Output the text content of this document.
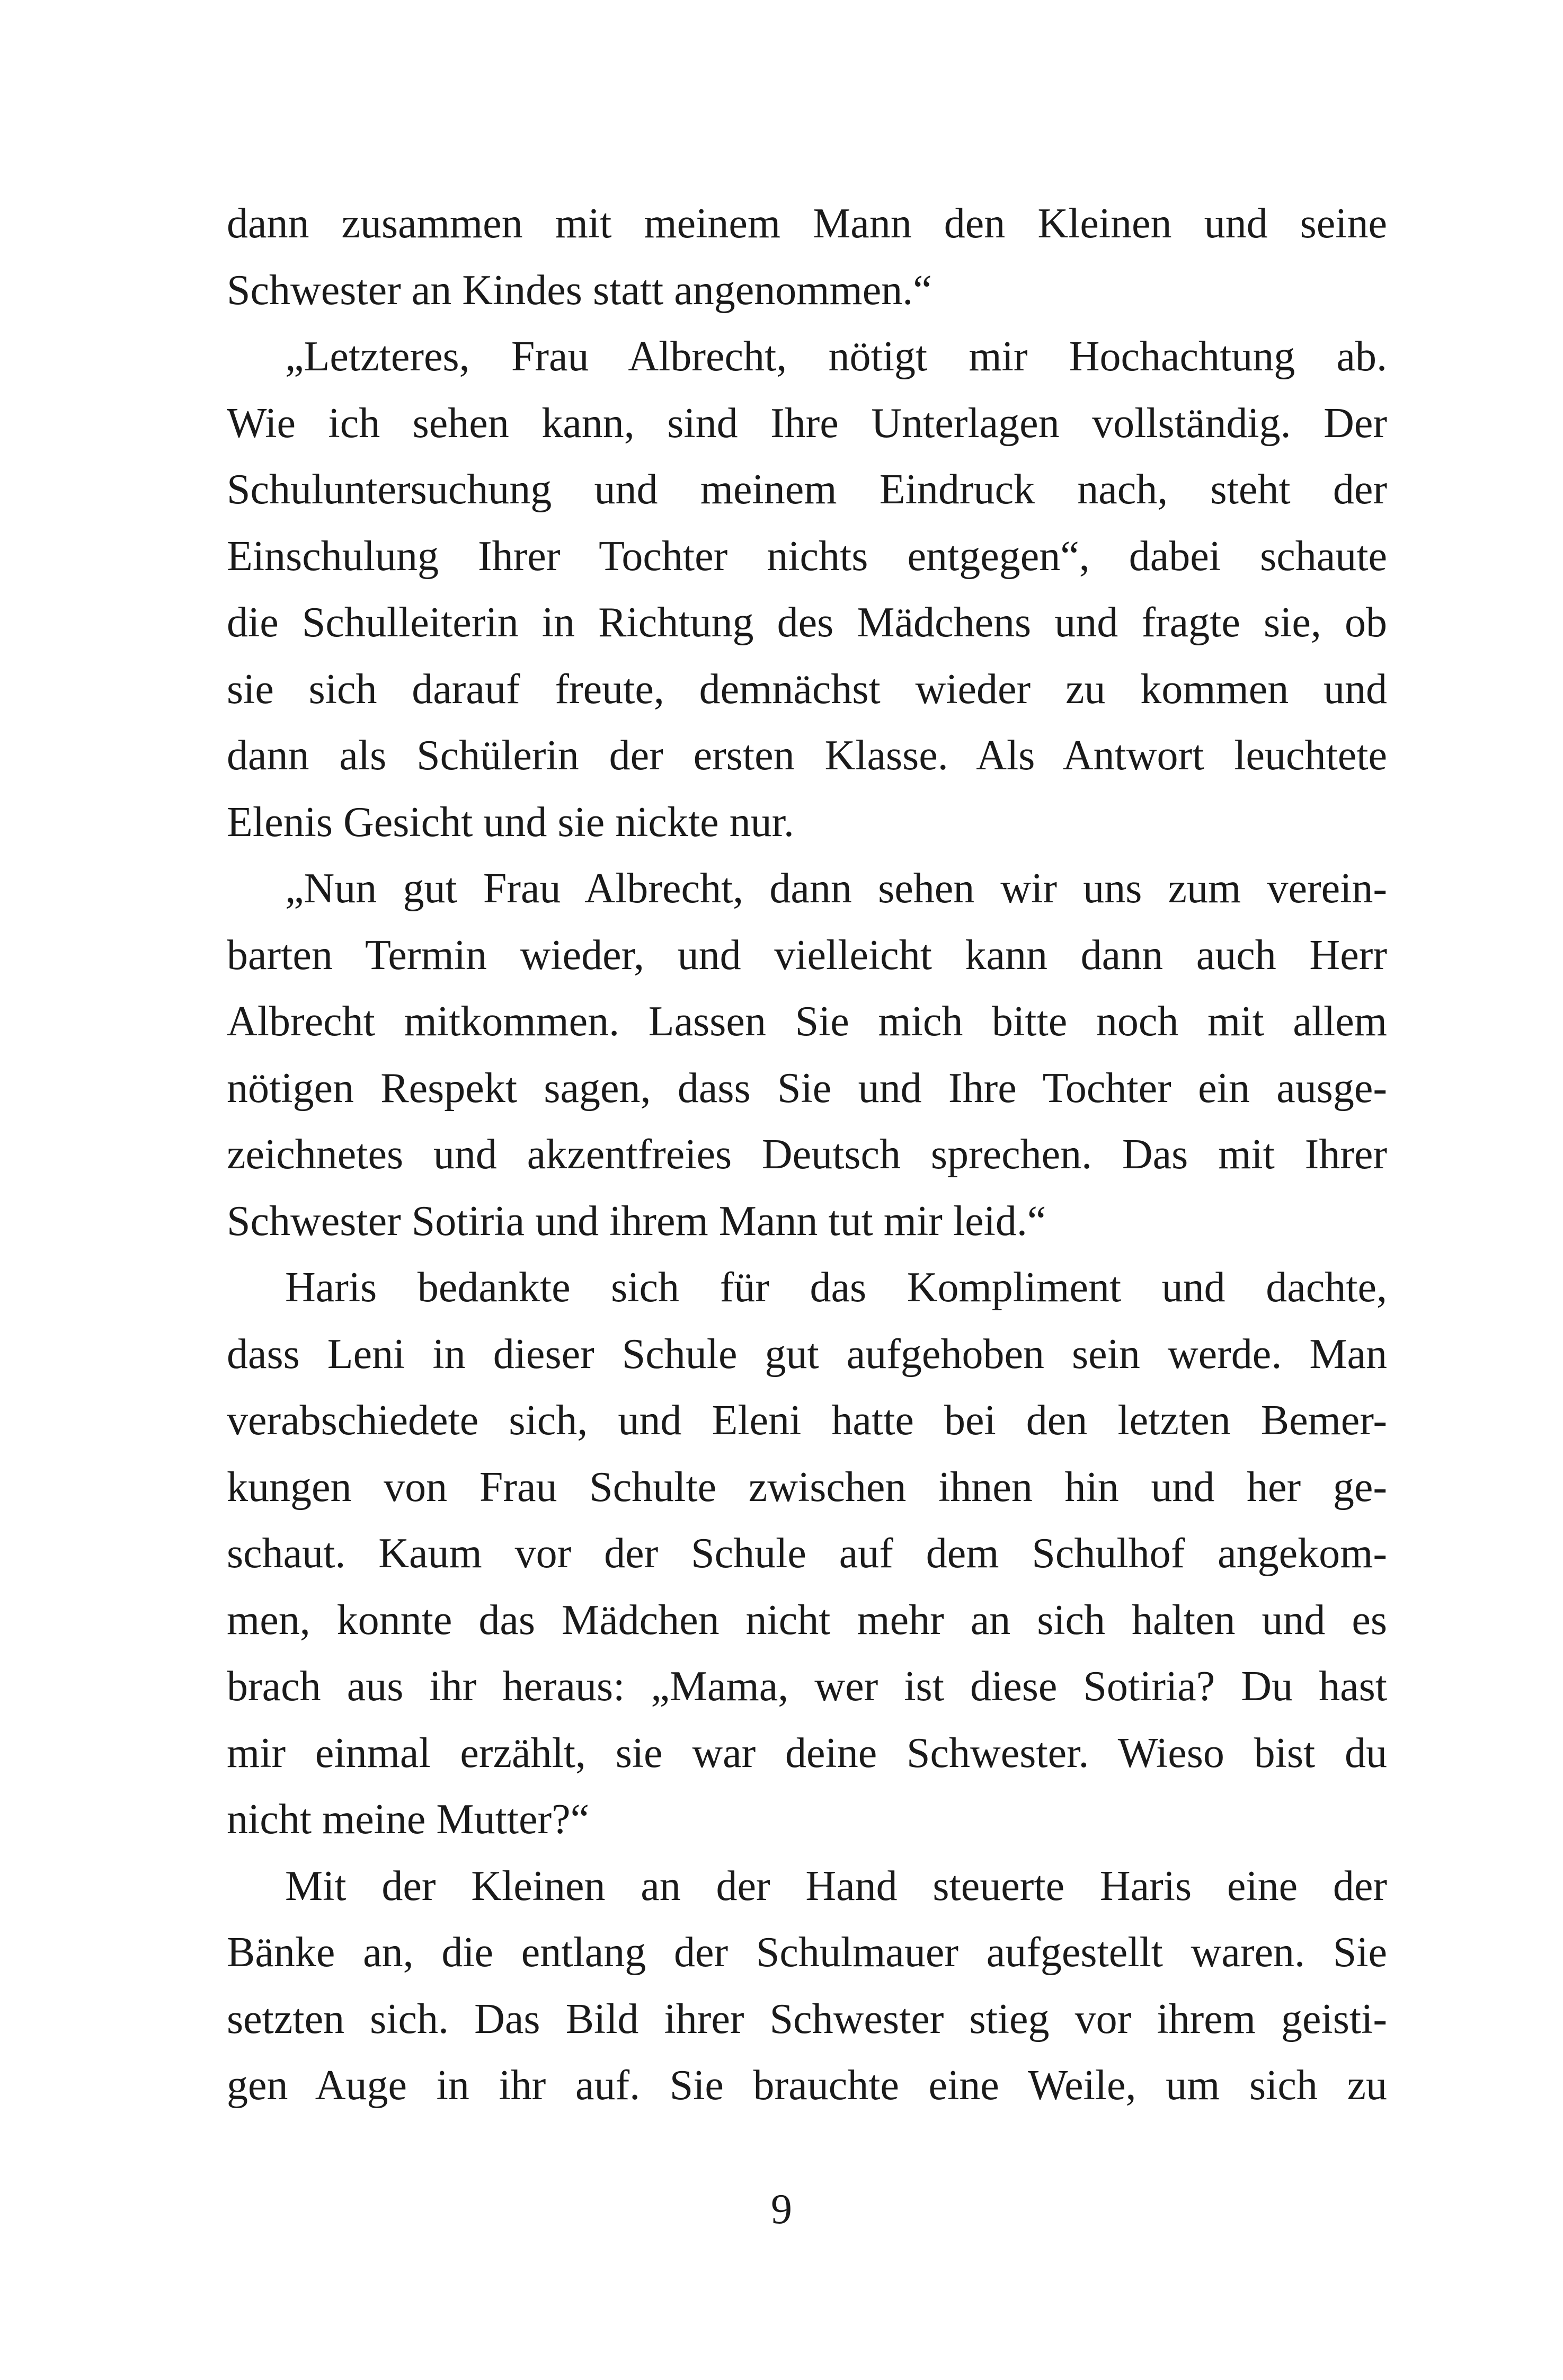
dann zusammen mit meinem Mann den Kleinen und seine
Schwester an Kindes statt angenommen.“
„Letzteres, Frau Albrecht, nötigt mir Hochachtung ab.
Wie ich sehen kann, sind Ihre Unterlagen vollständig. Der
Schuluntersuchung und meinem Eindruck nach, steht der
Einschulung Ihrer Tochter nichts entgegen“, dabei schaute
die Schulleiterin in Richtung des Mädchens und fragte sie, ob
sie sich darauf freute, demnächst wieder zu kommen und
dann als Schülerin der ersten Klasse. Als Antwort leuchtete
Elenis Gesicht und sie nickte nur.
„Nun gut Frau Albrecht, dann sehen wir uns zum verein-
barten Termin wieder, und vielleicht kann dann auch Herr
Albrecht mitkommen. Lassen Sie mich bitte noch mit allem
nötigen Respekt sagen, dass Sie und Ihre Tochter ein ausge-
zeichnetes und akzentfreies Deutsch sprechen. Das mit Ihrer
Schwester Sotiria und ihrem Mann tut mir leid.“
Haris bedankte sich für das Kompliment und dachte,
dass Leni in dieser Schule gut aufgehoben sein werde. Man
verabschiedete sich, und Eleni hatte bei den letzten Bemer-
kungen von Frau Schulte zwischen ihnen hin und her ge-
schaut. Kaum vor der Schule auf dem Schulhof angekom-
men, konnte das Mädchen nicht mehr an sich halten und es
brach aus ihr heraus: „Mama, wer ist diese Sotiria? Du hast
mir einmal erzählt, sie war deine Schwester. Wieso bist du
nicht meine Mutter?“
Mit der Kleinen an der Hand steuerte Haris eine der
Bänke an, die entlang der Schulmauer aufgestellt waren. Sie
setzten sich. Das Bild ihrer Schwester stieg vor ihrem geisti-
gen Auge in ihr auf. Sie brauchte eine Weile, um sich zu
9
